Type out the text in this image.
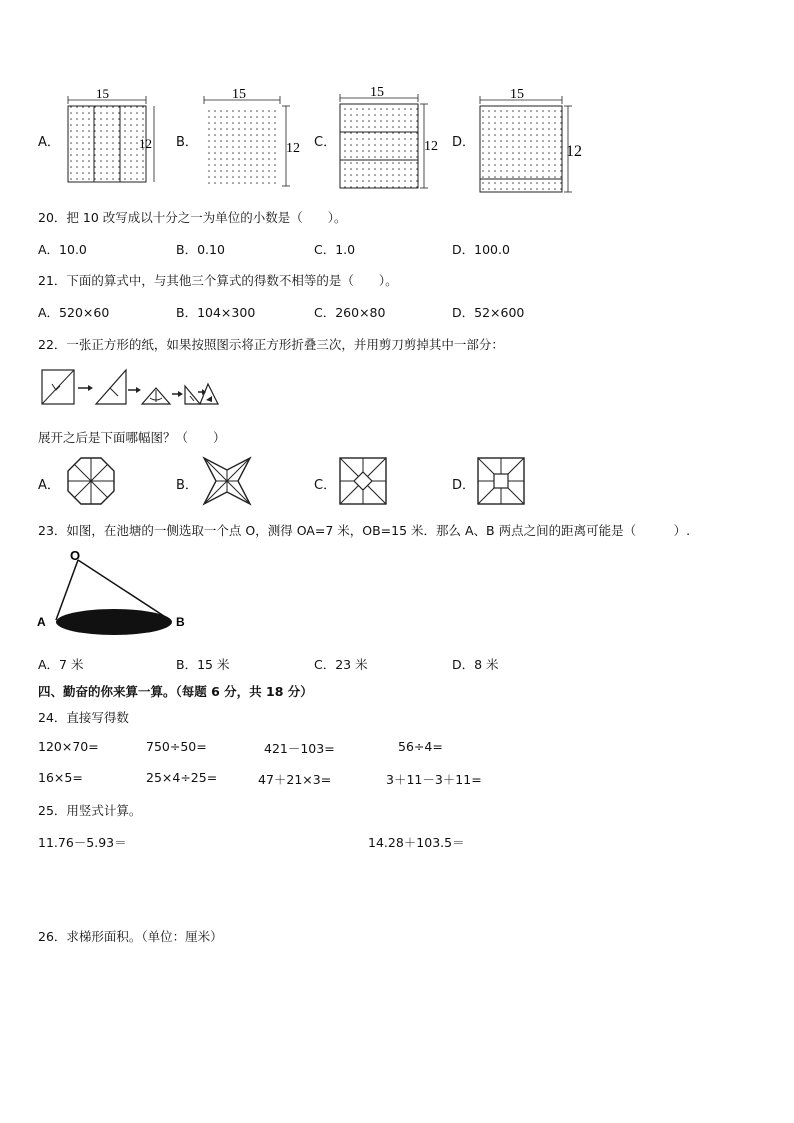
A．
15
12 B．
15
12 C．
15
12 D．
15
12
20．把 10 改写成以十分之一为单位的小数是（　　）。
A．10.0	B．0.10	C．1.0	D．100.0
21．下面的算式中，与其他三个算式的得数不相等的是（　　）。
A．520×60	B．104×300	C．260×80	D．52×600
22．一张正方形的纸，如果按照图示将正方形折叠三次，并用剪刀剪掉其中一部分：
展开之后是下面哪幅图？（　　）
A．	B．	C．	D．
23．如图，在池塘的一侧选取一个点 O，测得 OA=7 米，OB=15 米．那么 A、B 两点之间的距离可能是（　　　）.
O
A	B
A．7 米	B．15 米	C．23 米	D．8 米
四、勤奋的你来算一算。（每题 6 分，共 18 分）
24．直接写得数
120×70=	750÷50=	421－103=	56÷4=
16×5=	25×4÷25=	47＋21×3=	3＋11－3＋11=
25．用竖式计算。
11.76－5.93＝	14.28＋103.5＝
26．求梯形面积。（单位：厘米）
